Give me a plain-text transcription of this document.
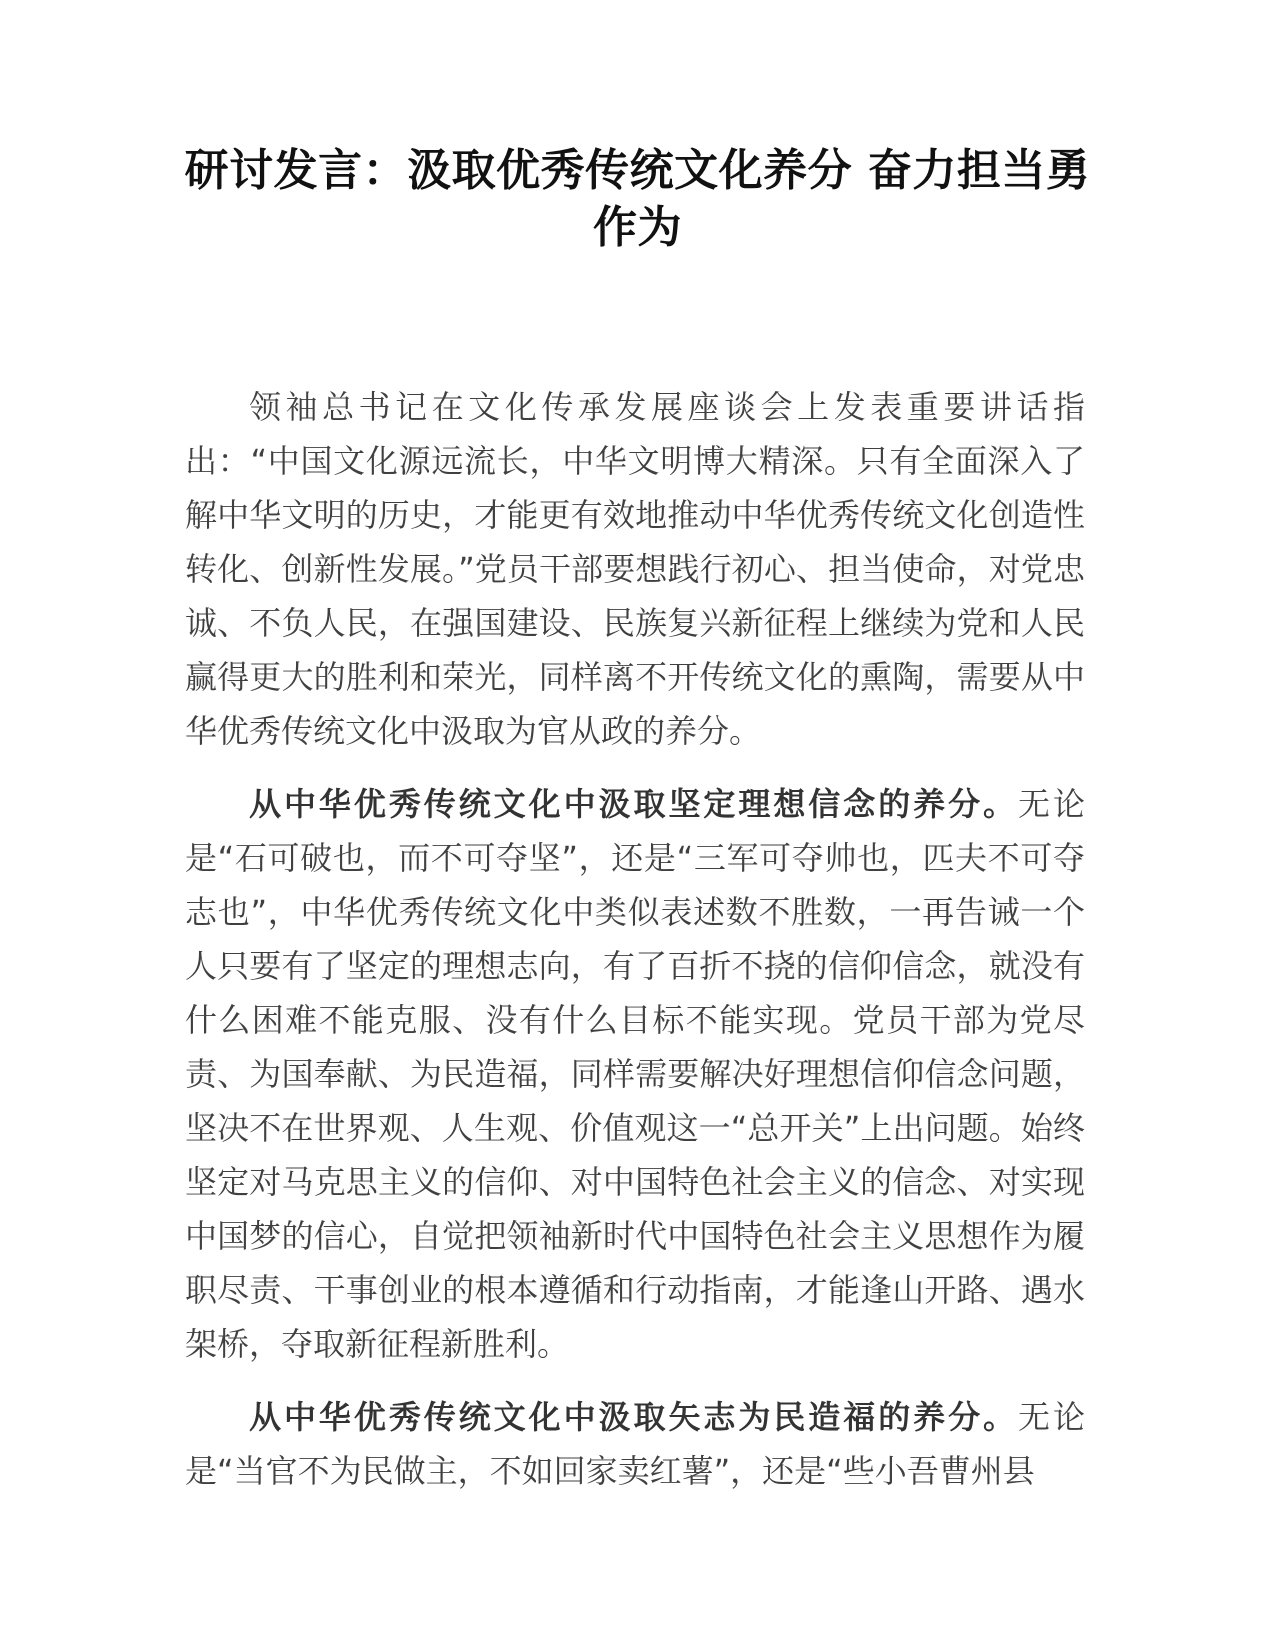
研讨发言：汲取优秀传统文化养分 奋力担当勇作为

领袖总书记在文化传承发展座谈会上发表重要讲话指出：“中国文化源远流长，中华文明博大精深。只有全面深入了解中华文明的历史，才能更有效地推动中华优秀传统文化创造性转化、创新性发展。”党员干部要想践行初心、担当使命，对党忠诚、不负人民，在强国建设、民族复兴新征程上继续为党和人民赢得更大的胜利和荣光，同样离不开传统文化的熏陶，需要从中华优秀传统文化中汲取为官从政的养分。

从中华优秀传统文化中汲取坚定理想信念的养分。无论是“石可破也，而不可夺坚”，还是“三军可夺帅也，匹夫不可夺志也”，中华优秀传统文化中类似表述数不胜数，一再告诫一个人只要有了坚定的理想志向，有了百折不挠的信仰信念，就没有什么困难不能克服、没有什么目标不能实现。党员干部为党尽责、为国奉献、为民造福，同样需要解决好理想信仰信念问题，坚决不在世界观、人生观、价值观这一“总开关”上出问题。始终坚定对马克思主义的信仰、对中国特色社会主义的信念、对实现中国梦的信心，自觉把领袖新时代中国特色社会主义思想作为履职尽责、干事创业的根本遵循和行动指南，才能逢山开路、遇水架桥，夺取新征程新胜利。

从中华优秀传统文化中汲取矢志为民造福的养分。无论是“当官不为民做主，不如回家卖红薯”，还是“些小吾曹州县
